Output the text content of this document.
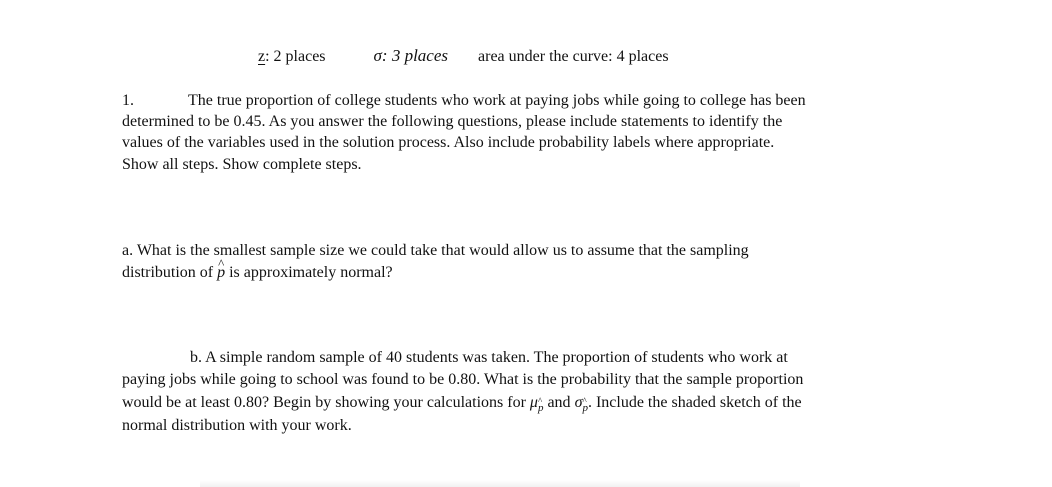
z: 2 places	σ: 3 places area under the curve: 4 places
1.	The true proportion of college students who work at paying jobs while going to college has been
determined to be 0.45. As you answer the following questions, please include statements to identify the
values of the variables used in the solution process. Also include probability labels where appropriate.
Show all steps. Show complete steps.
a. What is the smallest sample size we could take that would allow us to assume that the sampling
distribution of ^ p is approximately normal?
b. A simple random sample of 40 students was taken. The proportion of students who work at
paying jobs while going to school was found to be 0.80. What is the probability that the sample proportion
would be at least 0.80? Begin by showing your calculations for $\mu_p$ and $\sigma_p$. Include the shaded sketch of the
normal distribution with your work.
